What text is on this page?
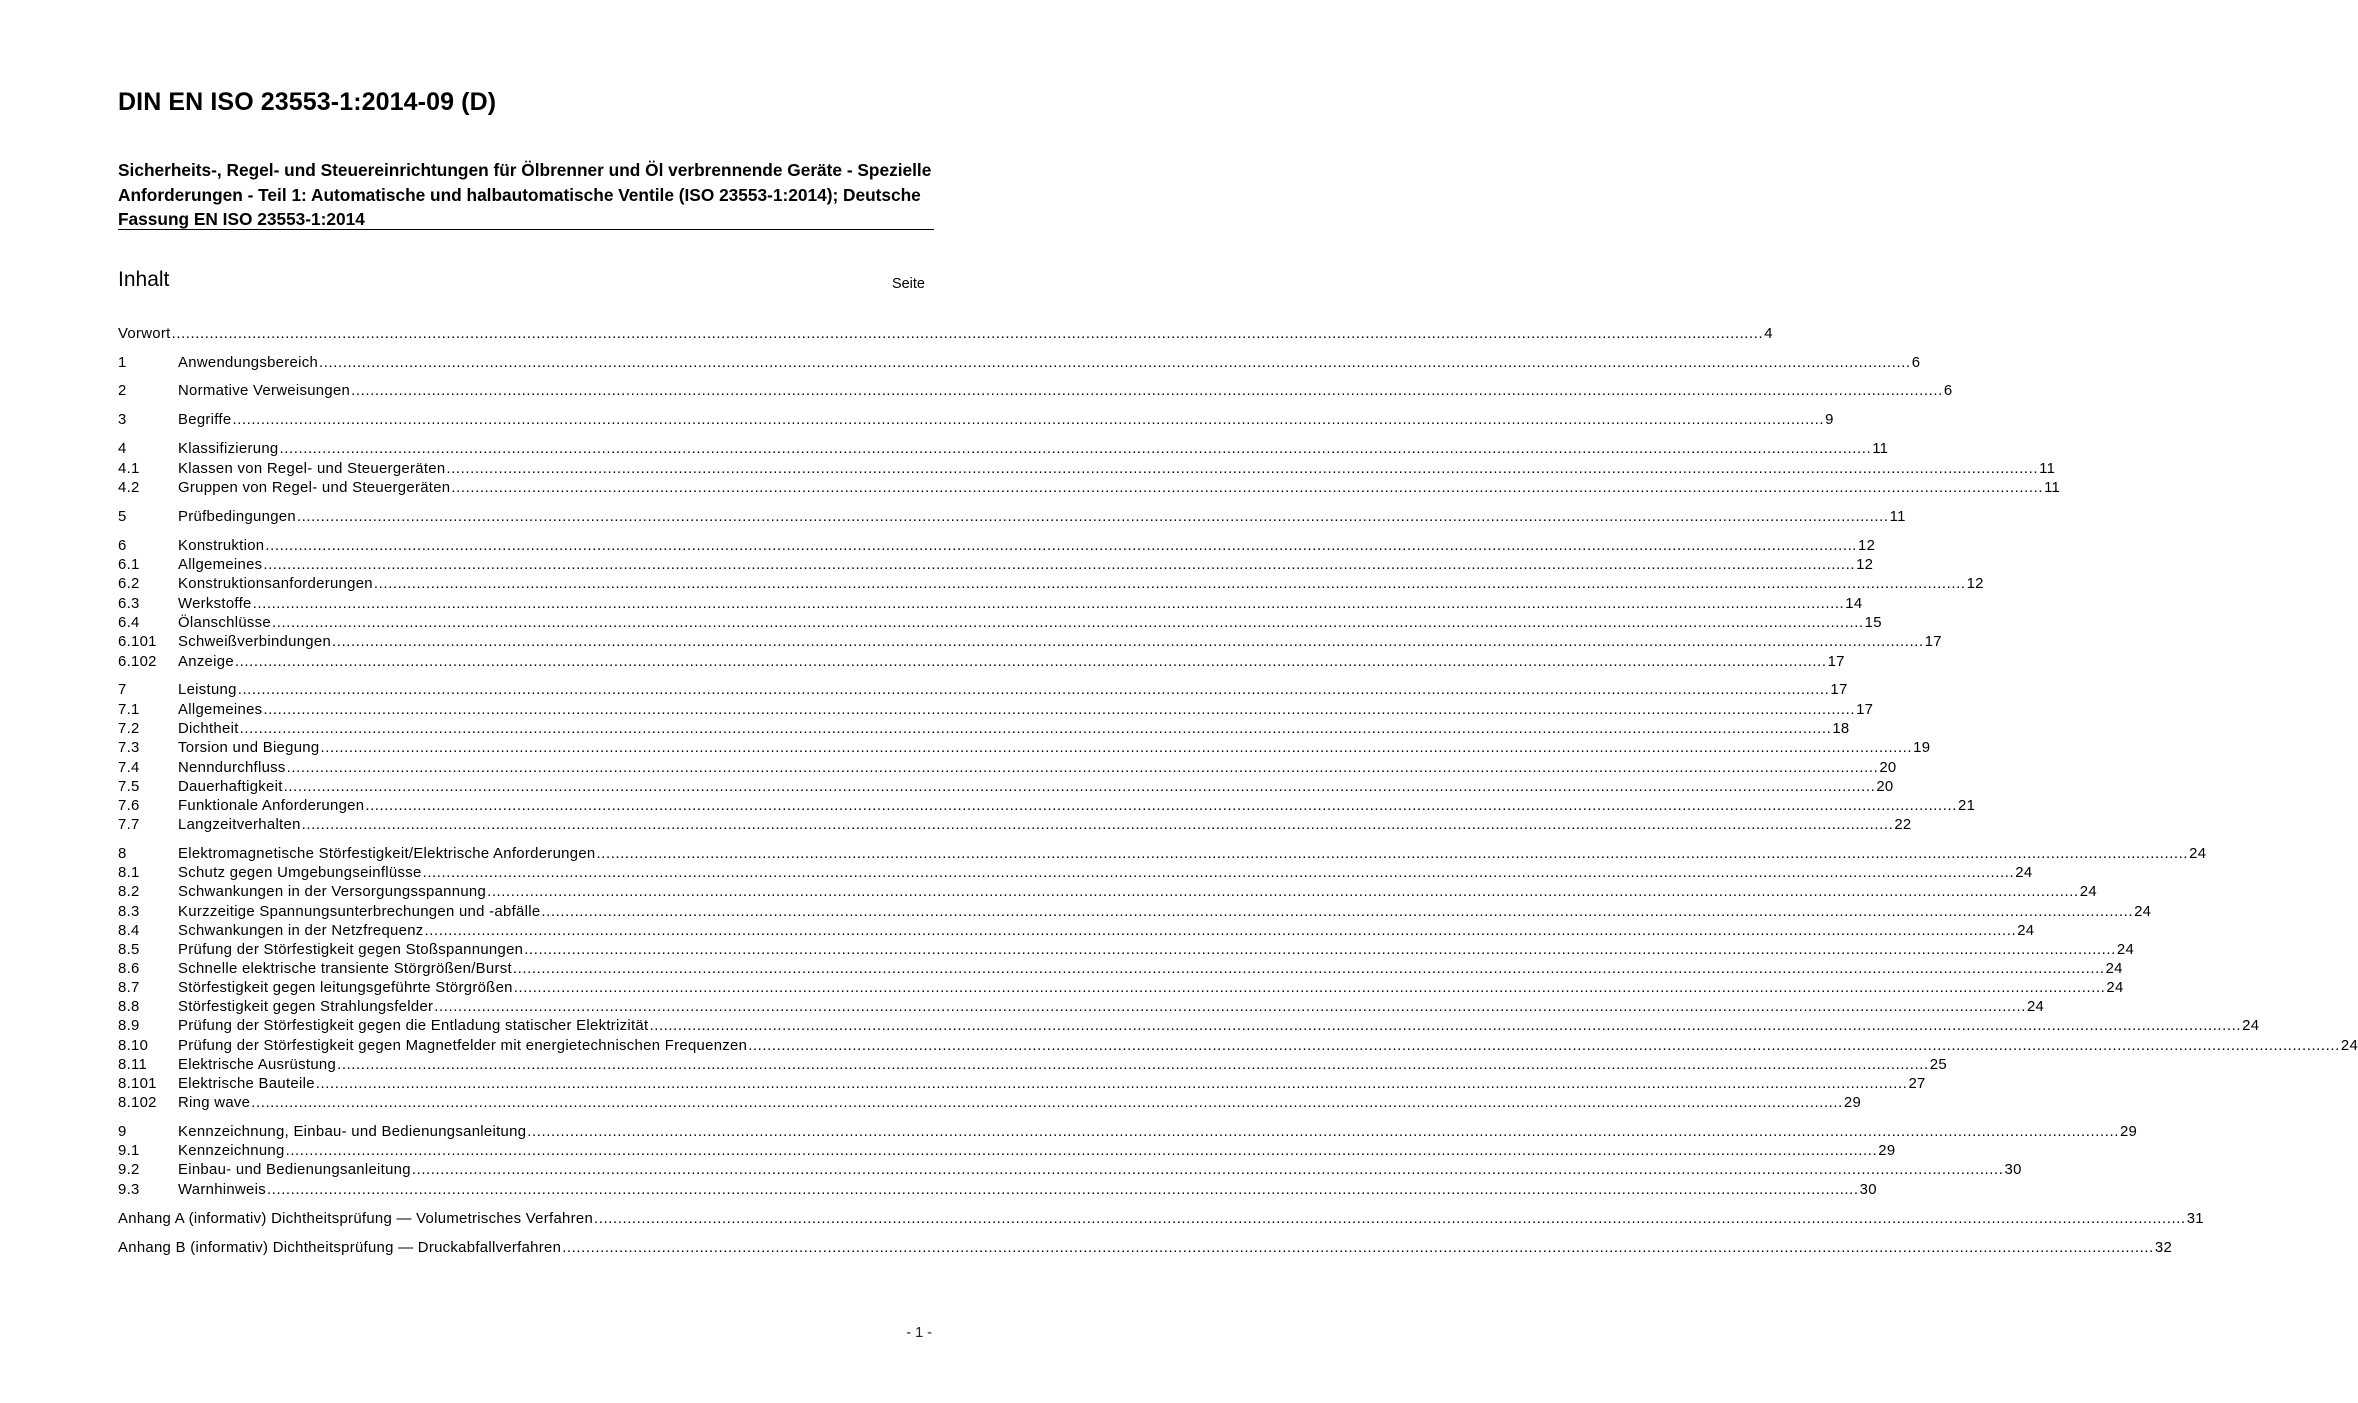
DIN EN ISO 23553-1:2014-09 (D)
Sicherheits-, Regel- und Steuereinrichtungen für Ölbrenner und Öl verbrennende Geräte - Spezielle Anforderungen - Teil 1: Automatische und halbautomatische Ventile (ISO 23553-1:2014); Deutsche Fassung EN ISO 23553-1:2014
Inhalt	Seite
Vorwort ................................................................................................................................................................................................................................................................................................................................................ 4
1	Anwendungsbereich ................................................................................................................................................................................................................................................................................................................................................ 6
2	Normative Verweisungen ................................................................................................................................................................................................................................................................................................................................................ 6
3	Begriffe ................................................................................................................................................................................................................................................................................................................................................ 9
4	Klassifizierung ................................................................................................................................................................................................................................................................................................................................................ 11
4.1	Klassen von Regel- und Steuergeräten ................................................................................................................................................................................................................................................................................................................................................ 11
4.2	Gruppen von Regel- und Steuergeräten ................................................................................................................................................................................................................................................................................................................................................ 11
5	Prüfbedingungen ................................................................................................................................................................................................................................................................................................................................................ 11
6	Konstruktion ................................................................................................................................................................................................................................................................................................................................................ 12
6.1	Allgemeines ................................................................................................................................................................................................................................................................................................................................................ 12
6.2	Konstruktionsanforderungen ................................................................................................................................................................................................................................................................................................................................................ 12
6.3	Werkstoffe ................................................................................................................................................................................................................................................................................................................................................ 14
6.4	Ölanschlüsse ................................................................................................................................................................................................................................................................................................................................................ 15
6.101	Schweißverbindungen ................................................................................................................................................................................................................................................................................................................................................ 17
6.102	Anzeige ................................................................................................................................................................................................................................................................................................................................................ 17
7	Leistung ................................................................................................................................................................................................................................................................................................................................................ 17
7.1	Allgemeines ................................................................................................................................................................................................................................................................................................................................................ 17
7.2	Dichtheit ................................................................................................................................................................................................................................................................................................................................................ 18
7.3	Torsion und Biegung ................................................................................................................................................................................................................................................................................................................................................ 19
7.4	Nenndurchfluss ................................................................................................................................................................................................................................................................................................................................................ 20
7.5	Dauerhaftigkeit ................................................................................................................................................................................................................................................................................................................................................ 20
7.6	Funktionale Anforderungen ................................................................................................................................................................................................................................................................................................................................................ 21
7.7	Langzeitverhalten ................................................................................................................................................................................................................................................................................................................................................ 22
8	Elektromagnetische Störfestigkeit/Elektrische Anforderungen ................................................................................................................................................................................................................................................................................................................................................ 24
8.1	Schutz gegen Umgebungseinflüsse ................................................................................................................................................................................................................................................................................................................................................ 24
8.2	Schwankungen in der Versorgungsspannung ................................................................................................................................................................................................................................................................................................................................................ 24
8.3	Kurzzeitige Spannungsunterbrechungen und -abfälle ................................................................................................................................................................................................................................................................................................................................................ 24
8.4	Schwankungen in der Netzfrequenz ................................................................................................................................................................................................................................................................................................................................................ 24
8.5	Prüfung der Störfestigkeit gegen Stoßspannungen ................................................................................................................................................................................................................................................................................................................................................ 24
8.6	Schnelle elektrische transiente Störgrößen/Burst ................................................................................................................................................................................................................................................................................................................................................ 24
8.7	Störfestigkeit gegen leitungsgeführte Störgrößen ................................................................................................................................................................................................................................................................................................................................................ 24
8.8	Störfestigkeit gegen Strahlungsfelder ................................................................................................................................................................................................................................................................................................................................................ 24
8.9	Prüfung der Störfestigkeit gegen die Entladung statischer Elektrizität ................................................................................................................................................................................................................................................................................................................................................ 24
8.10	Prüfung der Störfestigkeit gegen Magnetfelder mit energietechnischen Frequenzen ................................................................................................................................................................................................................................................................................................................................................ 24
8.11	Elektrische Ausrüstung ................................................................................................................................................................................................................................................................................................................................................ 25
8.101	Elektrische Bauteile ................................................................................................................................................................................................................................................................................................................................................ 27
8.102	Ring wave ................................................................................................................................................................................................................................................................................................................................................ 29
9	Kennzeichnung, Einbau- und Bedienungsanleitung ................................................................................................................................................................................................................................................................................................................................................ 29
9.1	Kennzeichnung ................................................................................................................................................................................................................................................................................................................................................ 29
9.2	Einbau- und Bedienungsanleitung ................................................................................................................................................................................................................................................................................................................................................ 30
9.3	Warnhinweis ................................................................................................................................................................................................................................................................................................................................................ 30
Anhang A (informativ) Dichtheitsprüfung — Volumetrisches Verfahren ................................................................................................................................................................................................................................................................................................................................................ 31
Anhang B (informativ) Dichtheitsprüfung — Druckabfallverfahren ................................................................................................................................................................................................................................................................................................................................................ 32
- 1 -
